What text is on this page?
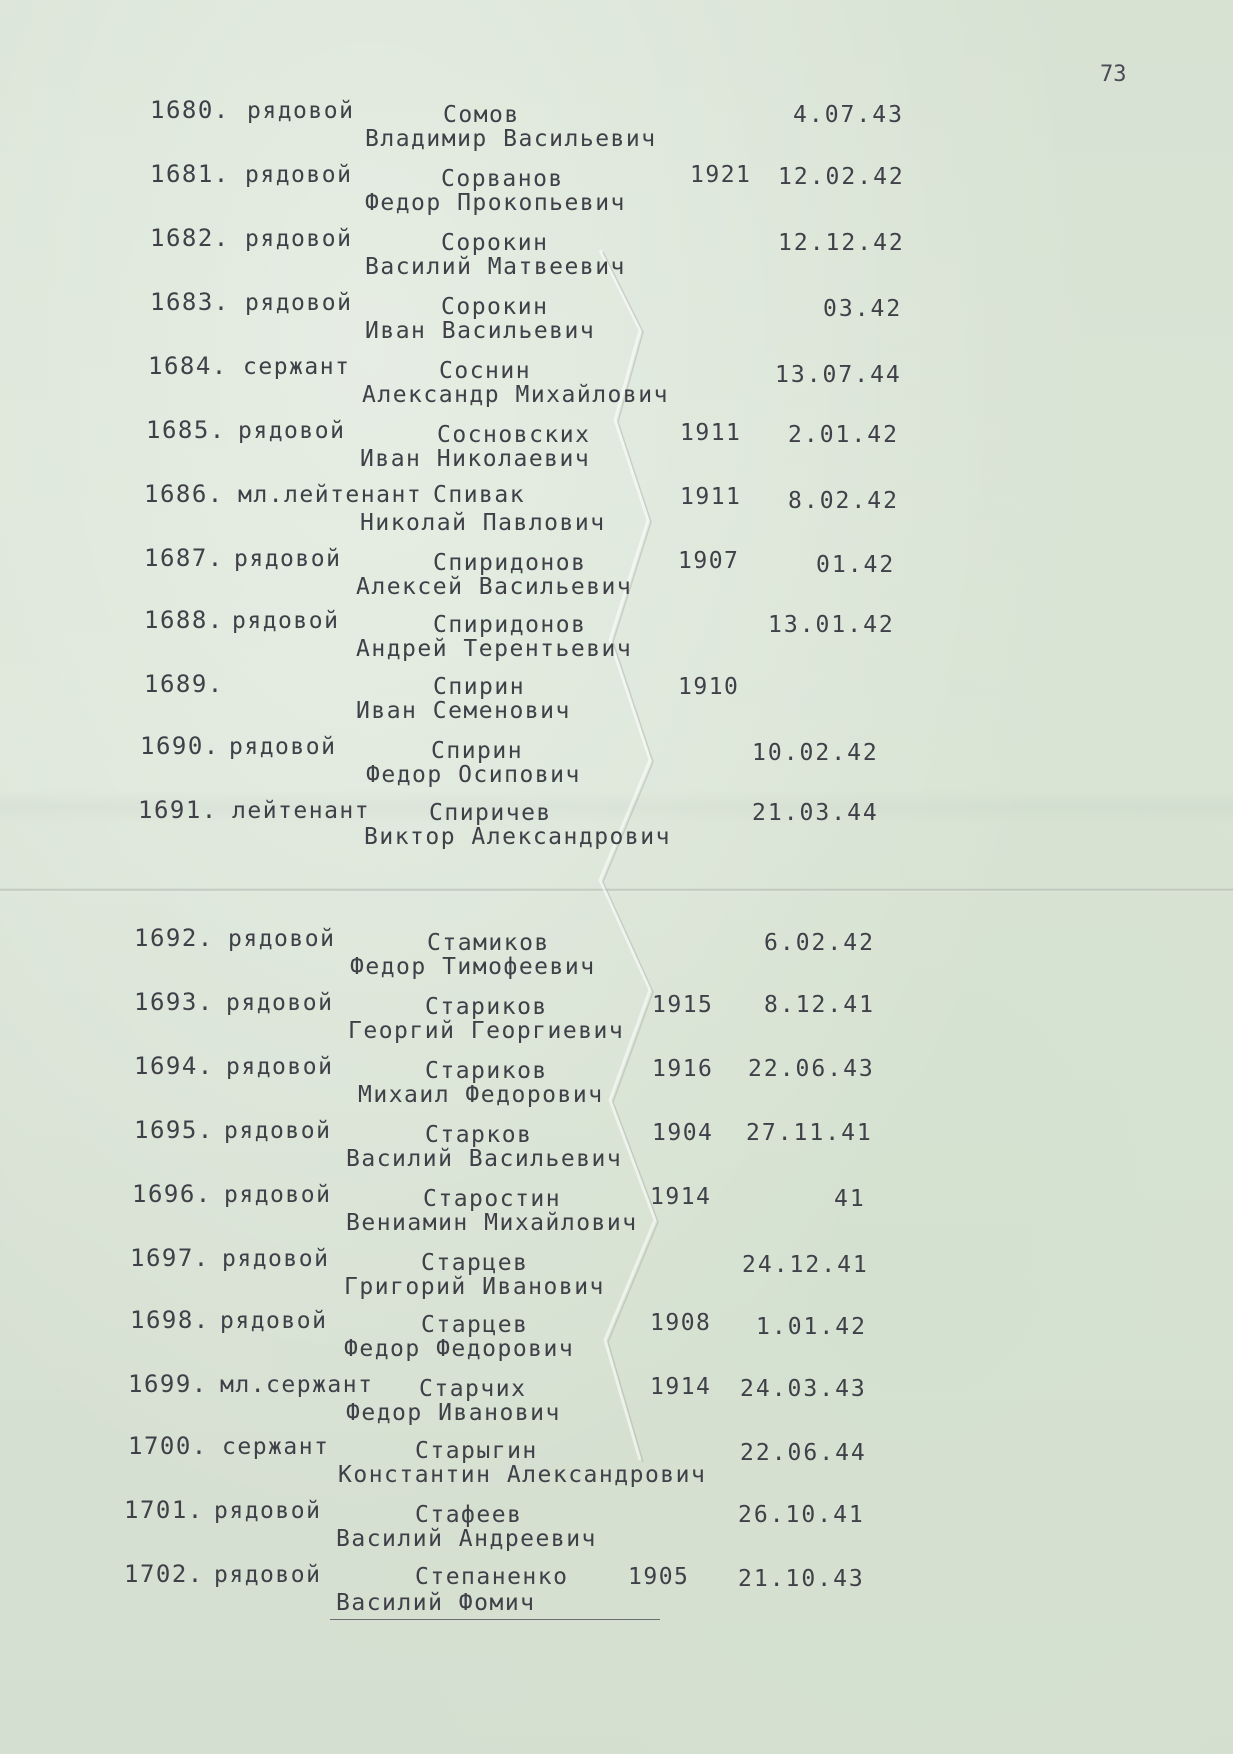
73
1680. рядовой	Сомов
Владимир Васильевич
4.07.43
1681. рядовой	Сорванов
Федор Прокопьевич
1921 12.02.42
1682. рядовой	Сорокин
Василий Матвеевич
12.12.42
1683. рядовой	Сорокин
Иван Васильевич
03.42
1684. сержант	Соснин
Александр Михайлович
13.07.44
1685. рядовой	Сосновских
Иван Николаевич
1911 2.01.42
1686. мл.лейтенант Спивак
Николай Павлович
1911 8.02.42
1687. рядовой	Спиридонов
Алексей Васильевич
1907	01.42
1688. рядовой	Спиридонов
Андрей Терентьевич
13.01.42
1689.	Спирин
Иван Семенович
1910
1690. рядовой	Спирин
Федор Осипович
10.02.42
1691. лейтенант	Спиричев
Виктор Александрович
21.03.44
1692. рядовой	Стамиков
Федор Тимофеевич
6.02.42
1693. рядовой	Стариков
Георгий Георгиевич
1915 8.12.41
1694. рядовой	Стариков
Михаил Федорович
1916 22.06.43
1695. рядовой	Старков
Василий Васильевич
1904 27.11.41
1696. рядовой	Старостин
Вениамин Михайлович
1914	41
1697. рядовой	Старцев
Григорий Иванович
24.12.41
1698. рядовой	Старцев
Федор Федорович
1908 1.01.42
1699. мл.сержант Старчих
Федор Иванович
1914 24.03.43
1700. сержант	Старыгин
Константин Александрович
22.06.44
1701. рядовой	Стафеев
Василий Андреевич
26.10.41
1702. рядовой	Степаненко
Василий Фомич
1905 21.10.43
